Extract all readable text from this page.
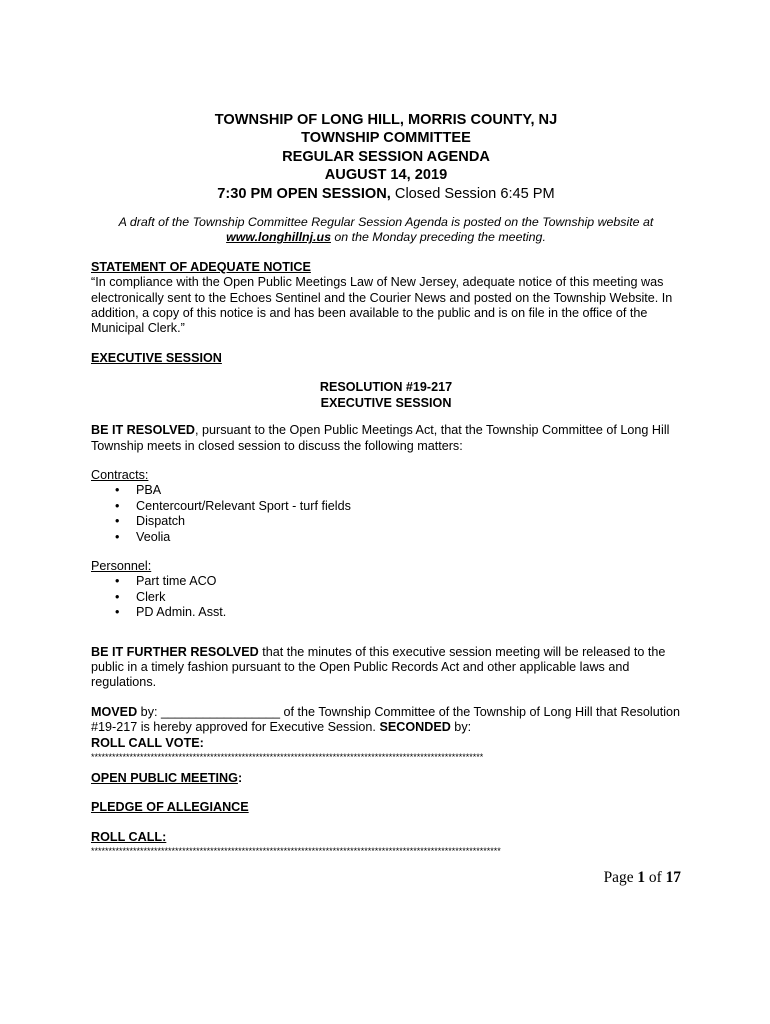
TOWNSHIP OF LONG HILL, MORRIS COUNTY, NJ
TOWNSHIP COMMITTEE
REGULAR SESSION AGENDA
AUGUST 14, 2019
7:30 PM OPEN SESSION, Closed Session 6:45 PM

A draft of the Township Committee Regular Session Agenda is posted on the Township website at
www.longhillnj.us on the Monday preceding the meeting.

STATEMENT OF ADEQUATE NOTICE

“In compliance with the Open Public Meetings Law of New Jersey, adequate notice of this meeting was electronically sent to the Echoes Sentinel and the Courier News and posted on the Township Website. In addition, a copy of this notice is and has been available to the public and is on file in the office of the Municipal Clerk.”

EXECUTIVE SESSION

RESOLUTION #19-217

EXECUTIVE SESSION

BE IT RESOLVED, pursuant to the Open Public Meetings Act, that the Township Committee of Long Hill Township meets in closed session to discuss the following matters:

Contracts:

• PBA
• Centercourt/Relevant Sport - turf fields
• Dispatch
• Veolia

Personnel:

• Part time ACO
• Clerk
• PD Admin. Asst.

BE IT FURTHER RESOLVED that the minutes of this executive session meeting will be released to the public in a timely fashion pursuant to the Open Public Records Act and other applicable laws and regulations.

MOVED by: _________________ of the Township Committee of the Township of Long Hill that Resolution #19-217 is hereby approved for Executive Session. SECONDED by:

ROLL CALL VOTE:

****************************************************************************************************************

OPEN PUBLIC MEETING:

PLEDGE OF ALLEGIANCE

ROLL CALL:

*********************************************************************************************************************
Page 1 of 17
